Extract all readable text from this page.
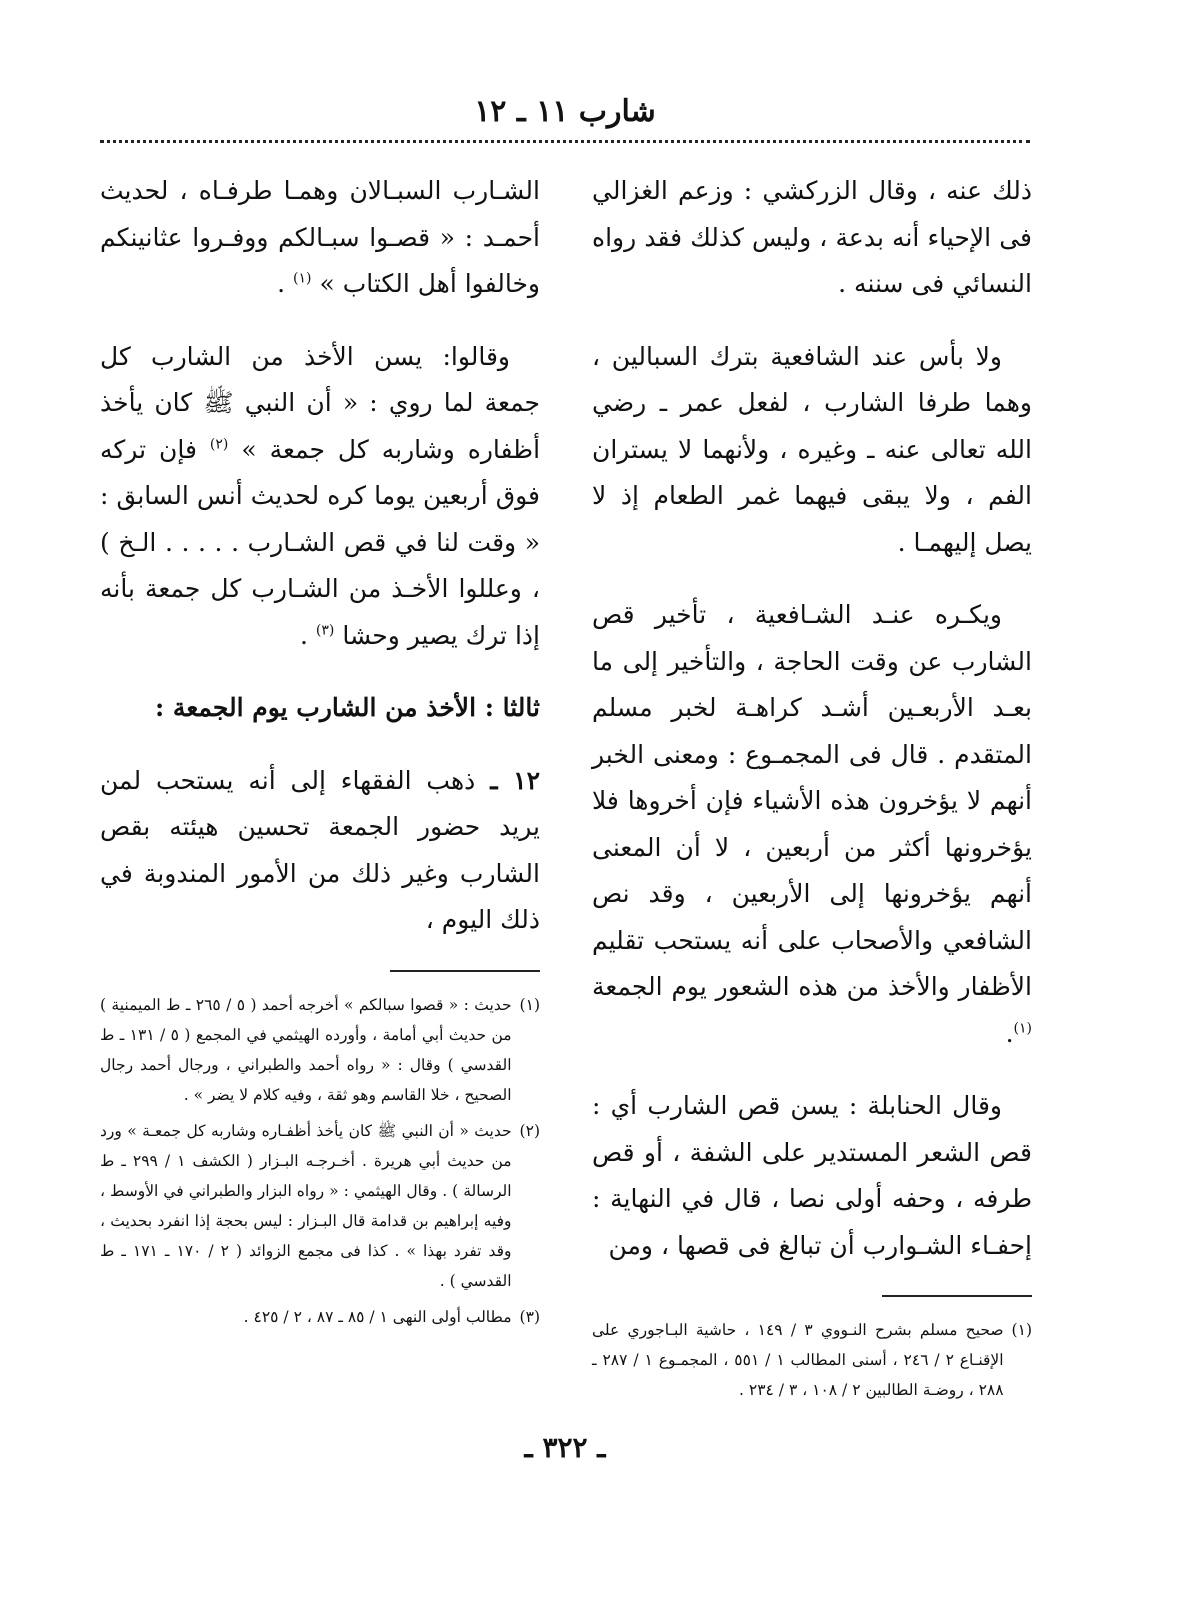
شارب ١١ ـ ١٢

ذلك عنه ، وقال الزركشي : وزعم الغزالي فى الإحياء أنه بدعة ، وليس كذلك فقد رواه النسائي فى سننه .

ولا بأس عند الشافعية بترك السبالين ، وهما طرفا الشارب ، لفعل عمر ـ رضي الله تعالى عنه ـ وغيره ، ولأنهما لا يستران الفم ، ولا يبقى فيهما غمر الطعام إذ لا يصل إليهمـا .

ويكـره عنـد الشـافعية ، تأخير قص الشارب عن وقت الحاجة ، والتأخير إلى ما بعـد الأربعـين أشـد كراهـة لخبر مسلم المتقدم . قال فى المجمـوع : ومعنى الخبر أنهم لا يؤخرون هذه الأشياء فإن أخروها فلا يؤخرونها أكثر من أربعين ، لا أن المعنى أنهم يؤخرونها إلى الأربعين ، وقد نص الشافعي والأصحاب على أنه يستحب تقليم الأظفار والأخذ من هذه الشعور يوم الجمعة $^{(١)}$.

وقال الحنابلة : يسن قص الشارب أي : قص الشعر المستدير على الشفة ، أو قص طرفه ، وحفه أولى نصا ، قال في النهاية : إحفـاء الشـوارب أن تبالغ فى قصها ، ومن

(١)
صحيح مسلم بشرح النـووي ٣ / ١٤٩ ، حاشية البـاجوري على الإقنـاع ٢ / ٢٤٦ ، أسنى المطالب ١ / ٥٥١ ، المجمـوع ١ / ٢٨٧ ـ ٢٨٨ ، روضـة الطالبين ٢ / ١٠٨ ، ٣ / ٢٣٤ .

الشـارب السبـالان وهمـا طرفـاه ، لحديث أحمـد : « قصـوا سبـالكم ووفـروا عثانينكم وخالفوا أهل الكتاب » $^{(١)}$ .

وقالوا: يسن الأخذ من الشارب كل جمعة لما روي : « أن النبي ﷺ كان يأخذ أظفاره وشاربه كل جمعة » $^{(٢)}$ فإن تركه فوق أربعين يوما كره لحديث أنس السابق : « وقت لنا في قص الشـارب . . . . . الـخ ) ، وعللوا الأخـذ من الشـارب كل جمعة بأنه إذا ترك يصير وحشا $^{(٣)}$ .

ثالثا : الأخذ من الشارب يوم الجمعة :

١٢ ـ ذهب الفقهاء إلى أنه يستحب لمن يريد حضور الجمعة تحسين هيئته بقص الشارب وغير ذلك من الأمور المندوبة في ذلك اليوم ،

(١)
حديث : « قصوا سبالكم » أخرجه أحمد ( ٥ / ٢٦٥ ـ ط الميمنية ) من حديث أبي أمامة ، وأورده الهيثمي في المجمع ( ٥ / ١٣١ ـ ط القدسي ) وقال : « رواه أحمد والطبراني ، ورجال أحمد رجال الصحيح ، خلا القاسم وهو ثقة ، وفيه كلام لا يضر » .
(٢)
حديث « أن النبي ﷺ كان يأخذ أظفـاره وشاربه كل جمعـة » ورد من حديث أبي هريرة . أخـرجـه البـزار ( الكشف ١ / ٢٩٩ ـ ط الرسالة ) . وقال الهيثمي : « رواه البزار والطبراني في الأوسط ، وفيه إبراهيم بن قدامة قال البـزار : ليس بحجة إذا انفرد بحديث ، وقد تفرد بهذا » . كذا فى مجمع الزوائد ( ٢ / ١٧٠ ـ ١٧١ ـ ط القدسي ) .
(٣)
مطالب أولى النهى ١ / ٨٥ ـ ٨٧ ، ٢ / ٤٢٥ .
ـ ٣٢٢ ـ
